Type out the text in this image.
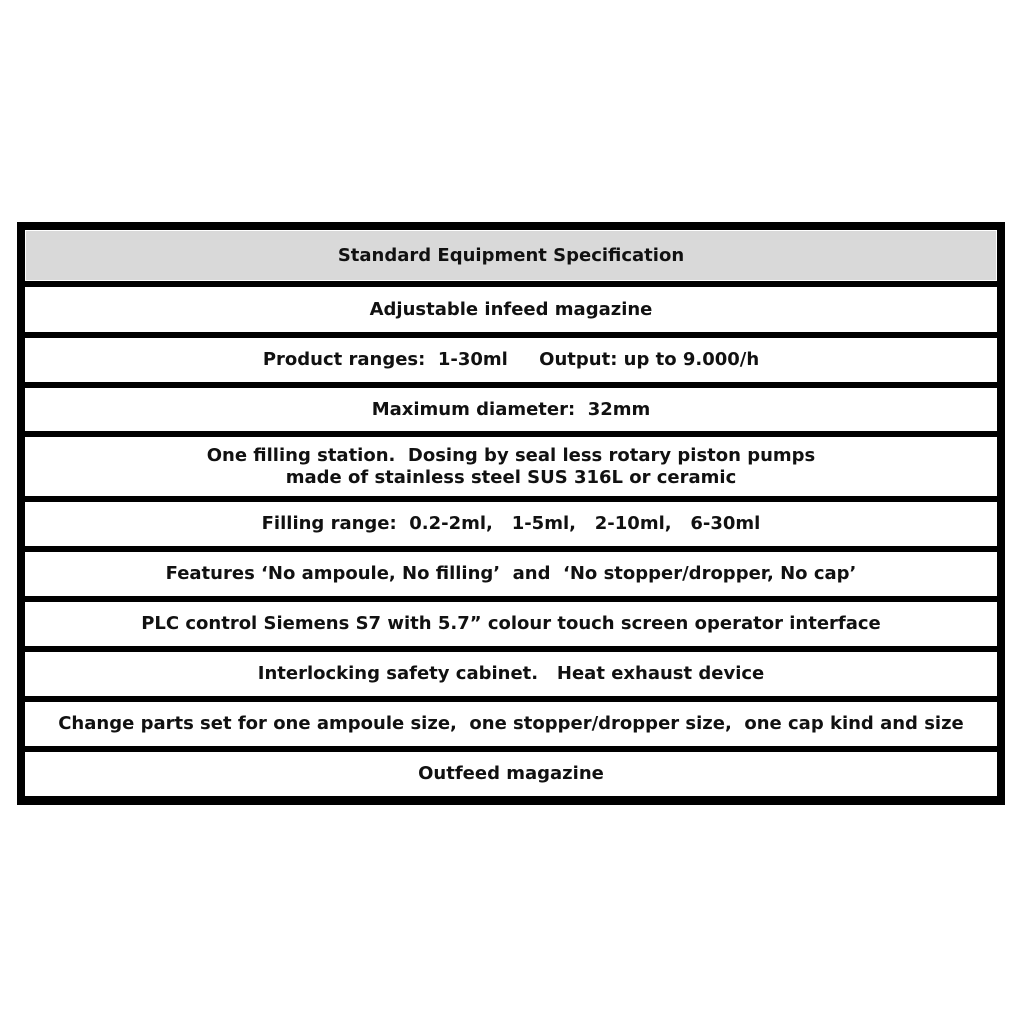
Standard Equipment Specification
Adjustable infeed magazine
Product ranges:  1-30ml     Output: up to 9.000/h
Maximum diameter:  32mm
One filling station.  Dosing by seal less rotary piston pumps
made of stainless steel SUS 316L or ceramic
Filling range:  0.2-2ml,   1-5ml,   2-10ml,   6-30ml
Features ‘No ampoule, No filling’  and  ‘No stopper/dropper, No cap’
PLC control Siemens S7 with 5.7” colour touch screen operator interface
Interlocking safety cabinet.   Heat exhaust device
Change parts set for one ampoule size,  one stopper/dropper size,  one cap kind and size
Outfeed magazine
